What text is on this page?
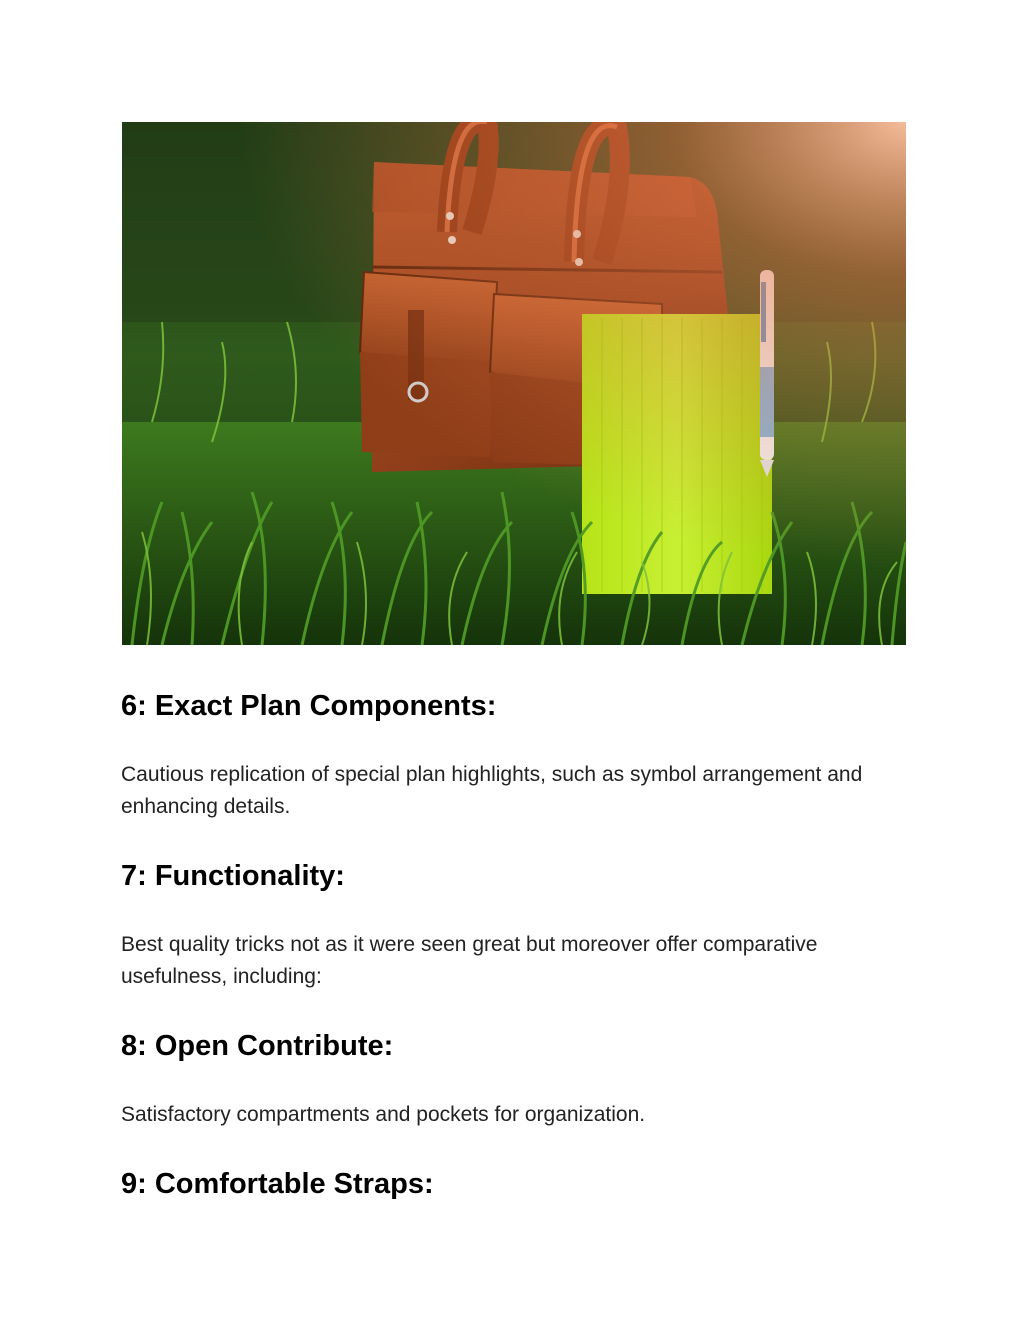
6: Exact Plan Components:

Cautious replication of special plan highlights, such as symbol arrangement and enhancing details.

7: Functionality:

Best quality tricks not as it were seen great but moreover offer comparative usefulness, including:

8: Open Contribute:

Satisfactory compartments and pockets for organization.

9: Comfortable Straps:
